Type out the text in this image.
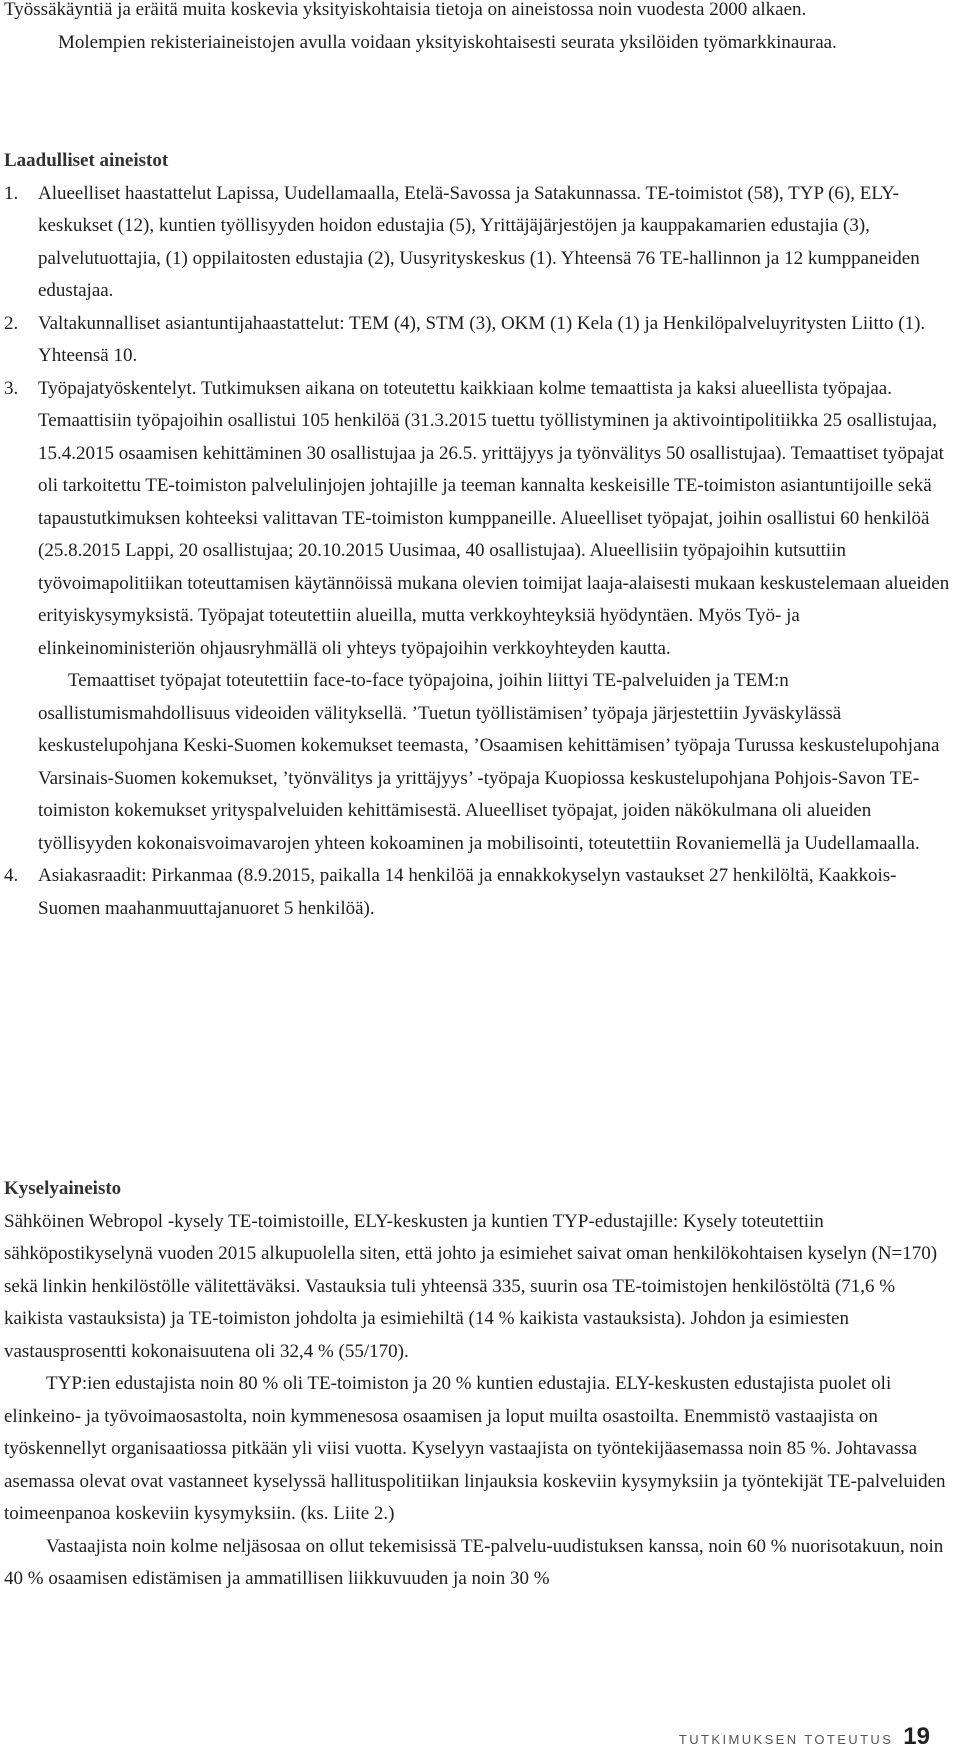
Työssäkäyntiä ja eräitä muita koskevia yksityiskohtaisia tietoja on aineistossa noin vuodesta 2000 alkaen.

Molempien rekisteriaineistojen avulla voidaan yksityiskohtaisesti seurata yksilöiden työmarkkinauraa.

Laadulliset aineistot

1. Alueelliset haastattelut Lapissa, Uudellamaalla, Etelä-Savossa ja Satakunnassa. TE-toimistot (58), TYP (6), ELY-keskukset (12), kuntien työllisyyden hoidon edustajia (5), Yrittäjäjärjestöjen ja kauppakamarien edustajia (3), palvelutuottajia, (1) oppilaitosten edustajia (2), Uusyrityskeskus (1). Yhteensä 76 TE-hallinnon ja 12 kumppaneiden edustajaa.

2. Valtakunnalliset asiantuntijahaastattelut: TEM (4), STM (3), OKM (1) Kela (1) ja Henkilöpalveluyritysten Liitto (1). Yhteensä 10.

3. Työpajatyöskentelyt. Tutkimuksen aikana on toteutettu kaikkiaan kolme temaattista ja kaksi alueellista työpajaa. Temaattisiin työpajoihin osallistui 105 henkilöä (31.3.2015 tuettu työllistyminen ja aktivointipolitiikka 25 osallistujaa, 15.4.2015 osaamisen kehittäminen 30 osallistujaa ja 26.5. yrittäjyys ja työnvälitys 50 osallistujaa). Temaattiset työpajat oli tarkoitettu TE-toimiston palvelulinjojen johtajille ja teeman kannalta keskeisille TE-toimiston asiantuntijoille sekä tapaustutkimuksen kohteeksi valittavan TE-toimiston kumppaneille. Alueelliset työpajat, joihin osallistui 60 henkilöä (25.8.2015 Lappi, 20 osallistujaa; 20.10.2015 Uusimaa, 40 osallistujaa). Alueellisiin työpajoihin kutsuttiin työvoimapolitiikan toteuttamisen käytännöissä mukana olevien toimijat laaja-alaisesti mukaan keskustelemaan alueiden erityiskysymyksistä. Työpajat toteutettiin alueilla, mutta verkkoyhteyksiä hyödyntäen. Myös Työ- ja elinkeinoministeriön ohjausryhmällä oli yhteys työpajoihin verkkoyhteyden kautta.

Temaattiset työpajat toteutettiin face-to-face työpajoina, joihin liittyi TE-palveluiden ja TEM:n osallistumismahdollisuus videoiden välityksellä. ’Tuetun työllistämisen’ työpaja järjestettiin Jyväskylässä keskustelupohjana Keski-Suomen kokemukset teemasta, ’Osaamisen kehittämisen’ työpaja Turussa keskustelupohjana Varsinais-Suomen kokemukset, ’työnvälitys ja yrittäjyys’ -työpaja Kuopiossa keskustelupohjana Pohjois-Savon TE-toimiston kokemukset yrityspalveluiden kehittämisestä. Alueelliset työpajat, joiden näkökulmana oli alueiden työllisyyden kokonaisvoimavarojen yhteen kokoaminen ja mobilisointi, toteutettiin Rovaniemellä ja Uudellamaalla.

4. Asiakasraadit: Pirkanmaa (8.9.2015, paikalla 14 henkilöä ja ennakkokyselyn vastaukset 27 henkilöltä, Kaakkois-Suomen maahanmuuttajanuoret 5 henkilöä).

Kyselyaineisto

Sähköinen Webropol -kysely TE-toimistoille, ELY-keskusten ja kuntien TYP-edustajille: Kysely toteutettiin sähköpostikyselynä vuoden 2015 alkupuolella siten, että johto ja esimiehet saivat oman henkilökohtaisen kyselyn (N=170) sekä linkin henkilöstölle välitettäväksi. Vastauksia tuli yhteensä 335, suurin osa TE-toimistojen henkilöstöltä (71,6 % kaikista vastauksista) ja TE-toimiston johdolta ja esimiehiltä (14 % kaikista vastauksista). Johdon ja esimiesten vastausprosentti kokonaisuutena oli 32,4 % (55/170).

TYP:ien edustajista noin 80 % oli TE-toimiston ja 20 % kuntien edustajia. ELY-keskusten edustajista puolet oli elinkeino- ja työvoimaosastolta, noin kymmenesosa osaamisen ja loput muilta osastoilta. Enemmistö vastaajista on työskennellyt organisaatiossa pitkään yli viisi vuotta. Kyselyyn vastaajista on työntekijäasemassa noin 85 %. Johtavassa asemassa olevat ovat vastanneet kyselyssä hallituspolitiikan linjauksia koskeviin kysymyksiin ja työntekijät TE-palveluiden toimeenpanoa koskeviin kysymyksiin. (ks. Liite 2.)

Vastaajista noin kolme neljäsosaa on ollut tekemisissä TE-palvelu-uudistuksen kanssa, noin 60 % nuorisotakuun, noin 40 % osaamisen edistämisen ja ammatillisen liikkuvuuden ja noin 30 %

TUTKIMUKSEN TOTEUTUS 19
